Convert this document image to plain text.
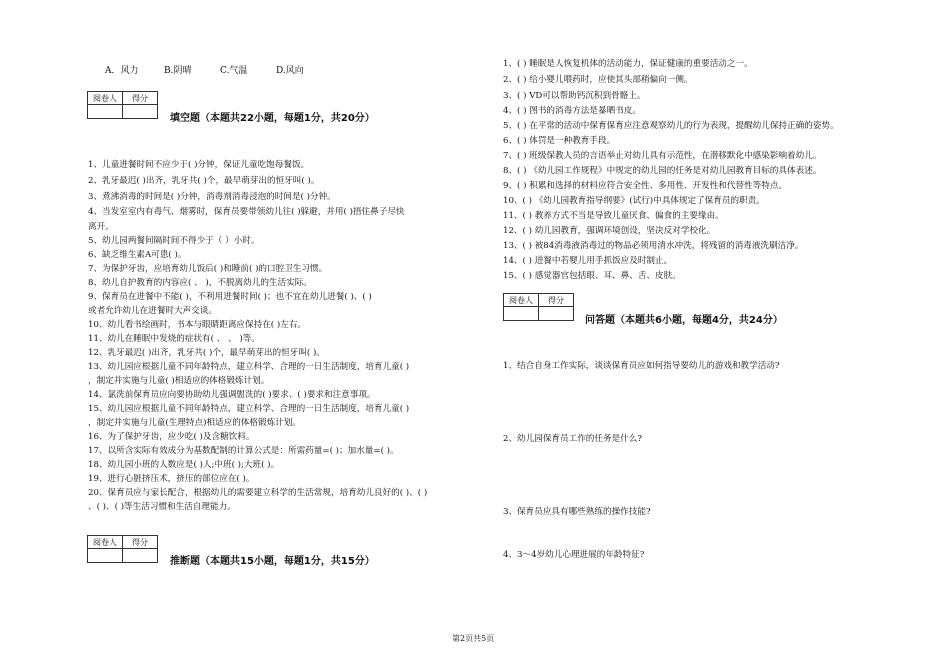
A．风力	B.阴晴	C.气温	D.风向
阅卷人	得分

填空题（本题共22小题，每题1分，共20分）
1、儿童进餐时间不应少于( )分钟，保证儿童吃饱每餐饭。
2、乳牙最迟( )出齐，乳牙共( )个，最早萌芽出的恒牙叫( )。
3、煮沸消毒的时间是( )分钟，消毒剂消毒浸泡的时间是( )分钟。
4、当发室室内有毒气、烟雾时，保育员要带领幼儿往( )躲避，并用( )捂住鼻子尽快
离开。
5、幼儿园两餐间隔时间不得少于（ ）小时。
6、缺乏维生素A可患( )。
7、为保护牙齿，应培育幼儿饭后( )和睡前( )的口腔卫生习惯。
8、幼儿自护教育的内容应( 、 )，不脱离幼儿的生活实际。
9、保育员在进餐中不能( )，不利用进餐时间( )；也不宜在幼儿进餐( )、( )
或者允许幼儿在进餐时大声交谈。
10、幼儿看书绘画时，书本与眼睛距离应保持在( )左右。
11、幼儿在睡眠中发烧的症状有( 、 、 )等。
12、乳牙最迟( )出齐，乳牙共( )个，最早萌芽出的恒牙叫( )。
13、幼儿园应根据儿童不同年龄特点，建立科学、合理的一日生活制度，培育儿童( )
，制定并实施与儿童( )相适应的体格锻炼计划。
14、氯洗前保育员应向要协助幼儿强调盥洗的( )要求、( )要求和注意事项。
15、幼儿园应根据儿童不同年龄特点，建立科学、合理的一日生活制度，培育儿童( )
，制定并实施与儿童(生理特点)相适应的体格锻炼计划。
16、为了保护牙齿，应少吃( )及含糖饮料。
17、以所含实际有效成分为基数配制的计算公式是：所需药量=( )；加水量=( )。
18、幼儿园小班的人数应是( )人;中班( );大班( )。
19、进行心脏挤压术，挤压的部位应在( )。
20、保育员应与家长配合，根据幼儿的需要建立科学的生活常规，培育幼儿良好的( )、( )
、( )、( )等生活习惯和生活自理能力。
阅卷人	得分

推断题（本题共15小题，每题1分，共15分）
1、( ) 睡眠是人恢复机体的活动能力，保证健康的重要活动之一。
2、( ) 给小婴儿喂药时，应使其头部稍偏向一侧。
3、( ) VD可以帮助钙沉积到骨骼上。
4、( ) 图书的消毒方法是暴晒书皮。
5、( ) 在平常的活动中保育保育应注意观察幼儿的行为表现，提醒幼儿保持正确的姿势。
6、( ) 体罚是一种教育手段。
7、( ) 班级保教人员的言语举止对幼儿具有示范性，在潜移默化中感染影响着幼儿。
8、( ) 《幼儿园工作规程》中规定的幼儿园的任务是对幼儿园教育目标的具体表述。
9、( ) 积累和选择的材料应符合安全性、多用性、开发性和代替性等特点。
10、( ) 《幼儿园教育指导纲要》(试行)中具体规定了保育员的职责。
11、( ) 教养方式不当是导致儿童厌食、偏食的主要缘由。
12、( ) 幼儿园教育，强调环境创设，坚决反对学校化。
13、( ) 被84消毒液消毒过的物品必须用清水冲洗，将残留的消毒液洗刷洁净。
14、( ) 进餐中若婴儿用手抓饭应及时制止。
15、( ) 感觉器官包括眼、耳、鼻、舌、皮肤。
阅卷人	得分

问答题（本题共6小题，每题4分，共24分）
1、结合自身工作实际，谈谈保育员应如何指导要幼儿的游戏和教学活动?
2、幼儿园保育员工作的任务是什么?
3、保育员应具有哪些熟练的操作技能?
4、3～4岁幼儿心理进展的年龄特征?
第2页共5页
